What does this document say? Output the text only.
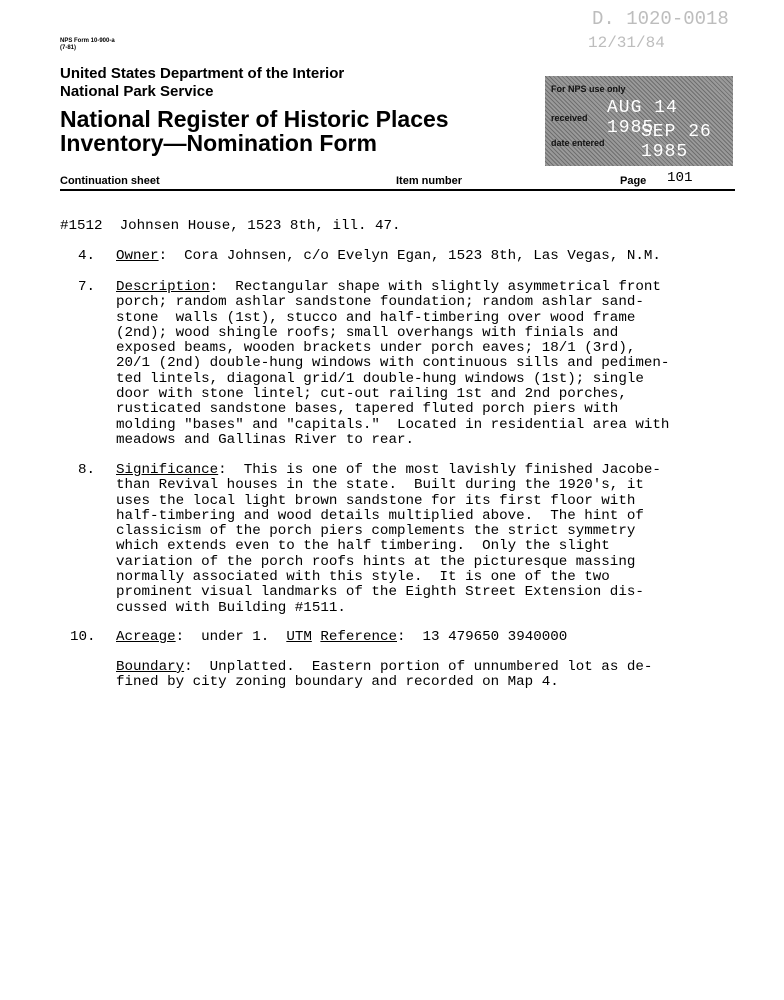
NPS Form 10-900-a
(7-81)
D. 1020-0018
12/31/84
United States Department of the Interior
National Park Service
National Register of Historic Places
Inventory—Nomination Form
For NPS use only
received AUG 14 1985
date entered
SEP 26 1985
Continuation sheet	Item number	Page 101
#1512  Johnsen House, 1523 8th, ill. 47.
4. Owner:  Cora Johnsen, c/o Evelyn Egan, 1523 8th, Las Vegas, N.M.
7. Description:  Rectangular shape with slightly asymmetrical front
porch; random ashlar sandstone foundation; random ashlar sand-
stone  walls (1st), stucco and half-timbering over wood frame
(2nd); wood shingle roofs; small overhangs with finials and
exposed beams, wooden brackets under porch eaves; 18/1 (3rd),
20/1 (2nd) double-hung windows with continuous sills and pedimen-
ted lintels, diagonal grid/1 double-hung windows (1st); single
door with stone lintel; cut-out railing 1st and 2nd porches,
rusticated sandstone bases, tapered fluted porch piers with
molding "bases" and "capitals."  Located in residential area with
meadows and Gallinas River to rear.
8. Significance:  This is one of the most lavishly finished Jacobe-
than Revival houses in the state.  Built during the 1920's, it
uses the local light brown sandstone for its first floor with
half-timbering and wood details multiplied above.  The hint of
classicism of the porch piers complements the strict symmetry
which extends even to the half timbering.  Only the slight
variation of the porch roofs hints at the picturesque massing
normally associated with this style.  It is one of the two
prominent visual landmarks of the Eighth Street Extension dis-
cussed with Building #1511.
10. Acreage:  under 1. UTM Reference:  13 479650 3940000
Boundary:  Unplatted.  Eastern portion of unnumbered lot as de-
fined by city zoning boundary and recorded on Map 4.
